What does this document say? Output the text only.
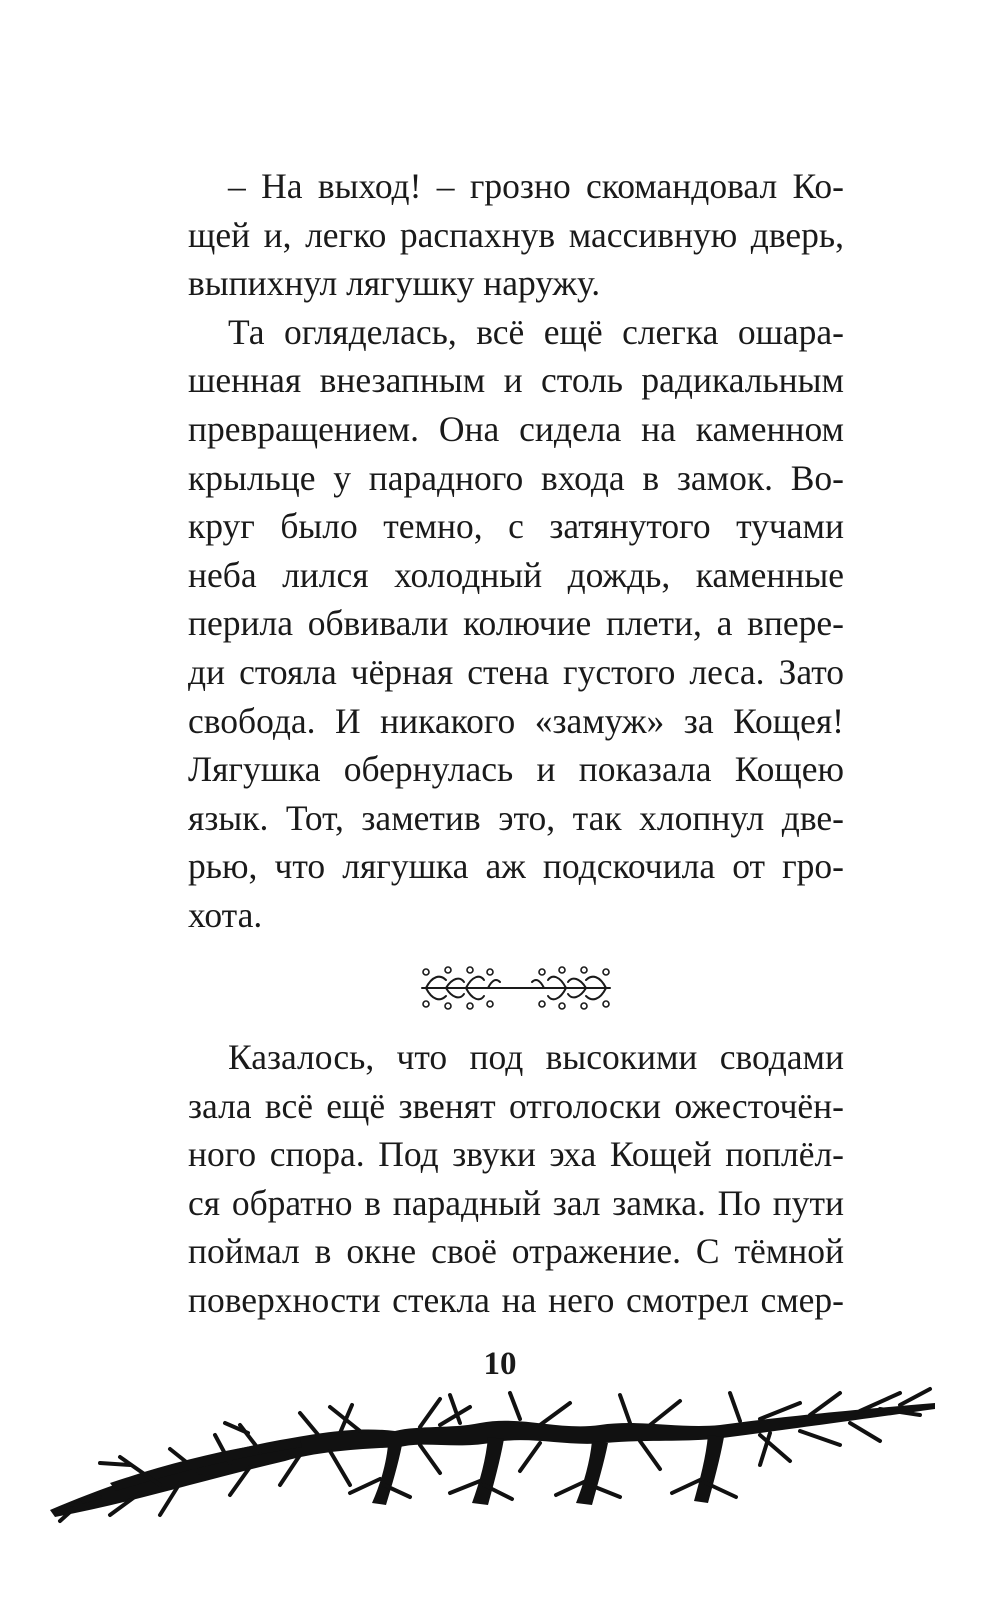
– На выход! – грозно скомандовал Ко-
щей и, легко распахнув массивную дверь,
выпихнул лягушку наружу.
Та огляделась, всё ещё слегка ошара-
шенная внезапным и столь радикальным
превращением. Она сидела на каменном
крыльце у парадного входа в замок. Во-
круг было темно, с затянутого тучами
неба лился холодный дождь, каменные
перила обвивали колючие плети, а впере-
ди стояла чёрная стена густого леса. Зато
свобода. И никакого «замуж» за Кощея!
Лягушка обернулась и показала Кощею
язык. Тот, заметив это, так хлопнул две-
рью, что лягушка аж подскочила от гро-
хота.
Казалось, что под высокими сводами
зала всё ещё звенят отголоски ожесточён-
ного спора. Под звуки эха Кощей поплёл-
ся обратно в парадный зал замка. По пути
поймал в окне своё отражение. С тёмной
поверхности стекла на него смотрел смер-
10
